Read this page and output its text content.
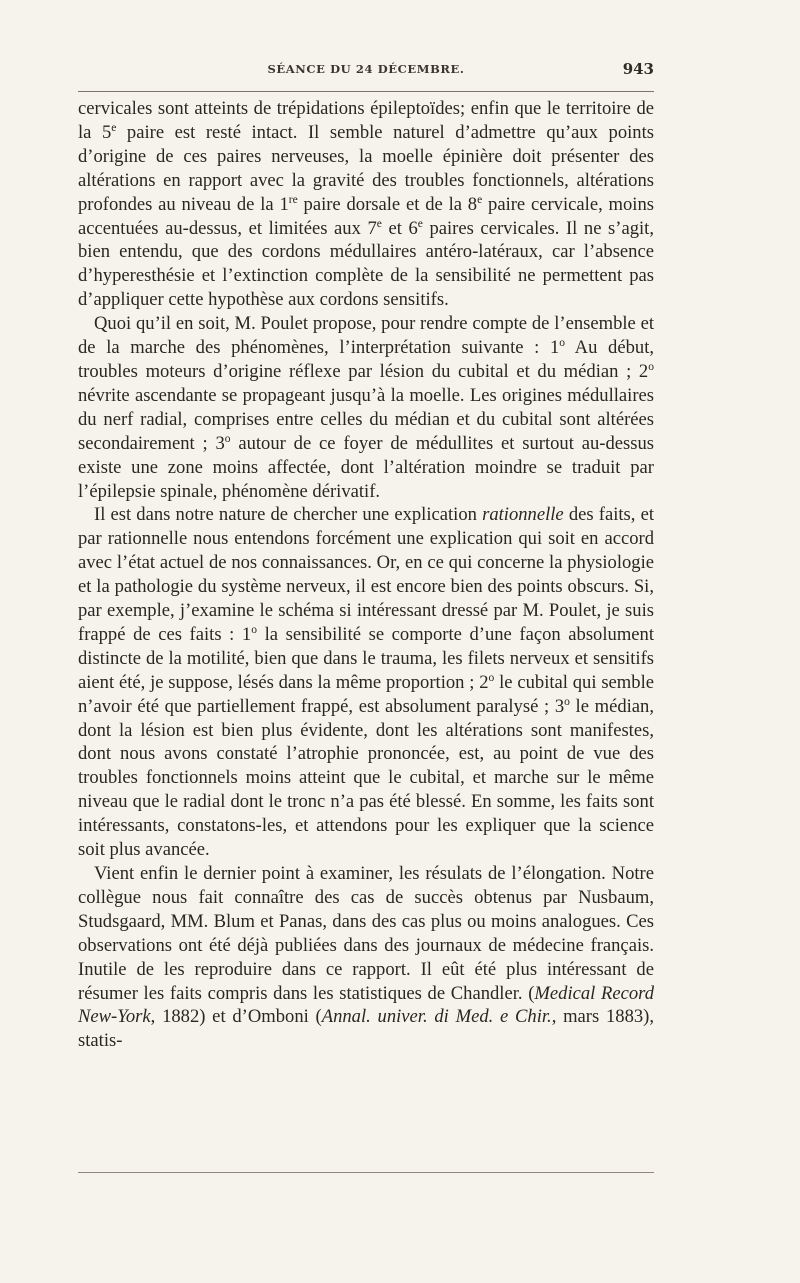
SÉANCE DU 24 DÉCEMBRE.	943

cervicales sont atteints de trépidations épileptoïdes; enfin que le territoire de la 5e paire est resté intact. Il semble naturel d’admettre qu’aux points d’origine de ces paires nerveuses, la moelle épinière doit présenter des altérations en rapport avec la gravité des troubles fonctionnels, altérations profondes au niveau de la 1re paire dorsale et de la 8e paire cervicale, moins accentuées au-dessus, et limitées aux 7e et 6e paires cervicales. Il ne s’agit, bien entendu, que des cordons médullaires antéro-latéraux, car l’absence d’hyperesthésie et l’extinction complète de la sensibilité ne permettent pas d’appliquer cette hypothèse aux cordons sensitifs.

Quoi qu’il en soit, M. Poulet propose, pour rendre compte de l’ensemble et de la marche des phénomènes, l’interprétation suivante : 1$^o$ Au début, troubles moteurs d’origine réflexe par lésion du cubital et du médian ; 2$^o$ névrite ascendante se propageant jusqu’à la moelle. Les origines médullaires du nerf radial, comprises entre celles du médian et du cubital sont altérées secondairement ; 3$^o$ autour de ce foyer de médullites et surtout au-dessus existe une zone moins affectée, dont l’altération moindre se traduit par l’épilepsie spinale, phénomène dérivatif.

Il est dans notre nature de chercher une explication rationnelle des faits, et par rationnelle nous entendons forcément une explication qui soit en accord avec l’état actuel de nos connaissances. Or, en ce qui concerne la physiologie et la pathologie du système nerveux, il est encore bien des points obscurs. Si, par exemple, j’examine le schéma si intéressant dressé par M. Poulet, je suis frappé de ces faits : 1$^o$ la sensibilité se comporte d’une façon absolument distincte de la motilité, bien que dans le trauma, les filets nerveux et sensitifs aient été, je suppose, lésés dans la même proportion ; 2$^o$ le cubital qui semble n’avoir été que partiellement frappé, est absolument paralysé ; 3$^o$ le médian, dont la lésion est bien plus évidente, dont les altérations sont manifestes, dont nous avons constaté l’atrophie prononcée, est, au point de vue des troubles fonctionnels moins atteint que le cubital, et marche sur le même niveau que le radial dont le tronc n’a pas été blessé. En somme, les faits sont intéressants, constatons-les, et attendons pour les expliquer que la science soit plus avancée.

Vient enfin le dernier point à examiner, les résulats de l’élongation. Notre collègue nous fait connaître des cas de succès obtenus par Nusbaum, Studsgaard, MM. Blum et Panas, dans des cas plus ou moins analogues. Ces observations ont été déjà publiées dans des journaux de médecine français. Inutile de les reproduire dans ce rapport. Il eût été plus intéressant de résumer les faits compris dans les statistiques de Chandler. (Medical Record New-York, 1882) et d’Omboni (Annal. univer. di Med. e Chir., mars 1883), statis-
